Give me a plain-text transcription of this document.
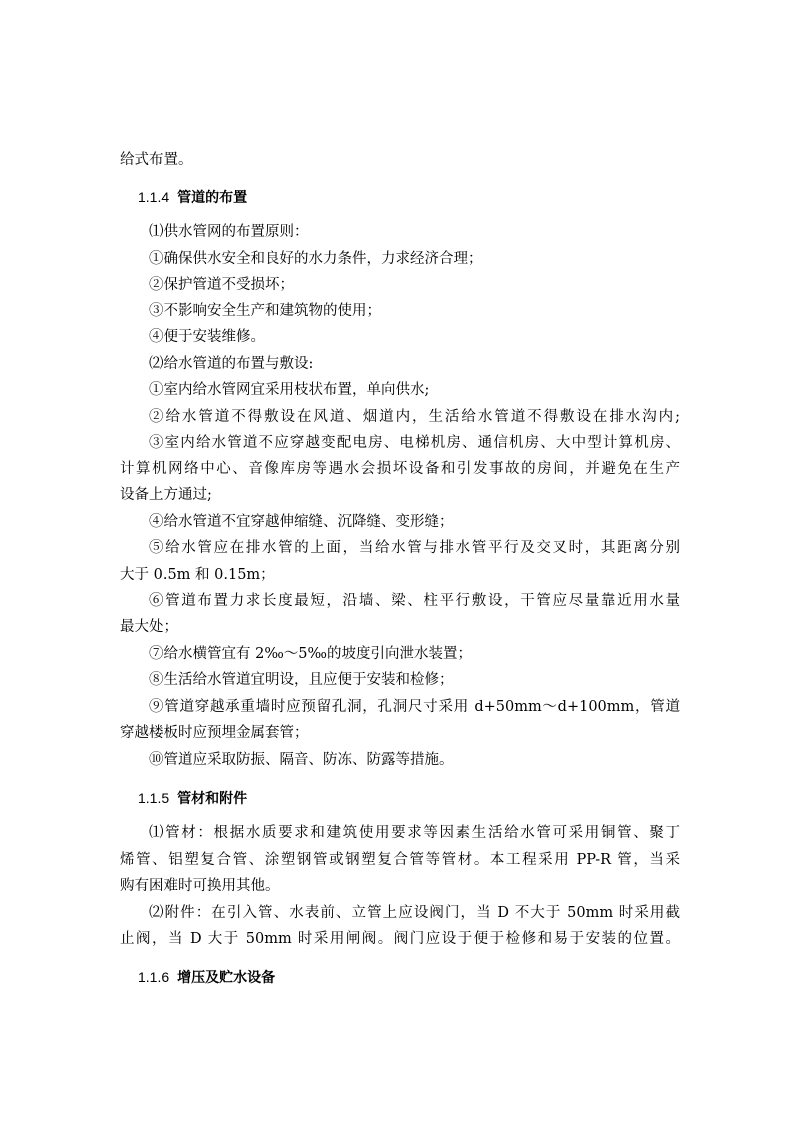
给式布置。
1.1.4 管道的布置
⑴供水管网的布置原则：
①确保供水安全和良好的水力条件，力求经济合理；
②保护管道不受损坏；
③不影响安全生产和建筑物的使用；
④便于安装维修。
⑵给水管道的布置与敷设:
①室内给水管网宜采用枝状布置，单向供水;
②给水管道不得敷设在风道、烟道内，生活给水管道不得敷设在排水沟内;
③室内给水管道不应穿越变配电房、电梯机房、通信机房、大中型计算机房、
计算机网络中心、音像库房等遇水会损坏设备和引发事故的房间，并避免在生产
设备上方通过;
④给水管道不宜穿越伸缩缝、沉降缝、变形缝；
⑤给水管应在排水管的上面，当给水管与排水管平行及交叉时，其距离分别
大于 0.5m 和 0.15m；
⑥管道布置力求长度最短，沿墙、梁、柱平行敷设，干管应尽量靠近用水量
最大处；
⑦给水横管宜有 2‰～5‰的坡度引向泄水装置；
⑧生活给水管道宜明设，且应便于安装和检修；
⑨管道穿越承重墙时应预留孔洞，孔洞尺寸采用 d+50mm～d+100mm，管道
穿越楼板时应预埋金属套管；
⑩管道应采取防振、隔音、防冻、防露等措施。
1.1.5 管材和附件
⑴管材：根据水质要求和建筑使用要求等因素生活给水管可采用铜管、聚丁
烯管、铝塑复合管、涂塑钢管或钢塑复合管等管材。本工程采用 PP-R 管，当采
购有困难时可换用其他。
⑵附件：在引入管、水表前、立管上应设阀门，当 D 不大于 50mm 时采用截
止阀，当 D 大于 50mm 时采用闸阀。阀门应设于便于检修和易于安装的位置。
1.1.6 增压及贮水设备
